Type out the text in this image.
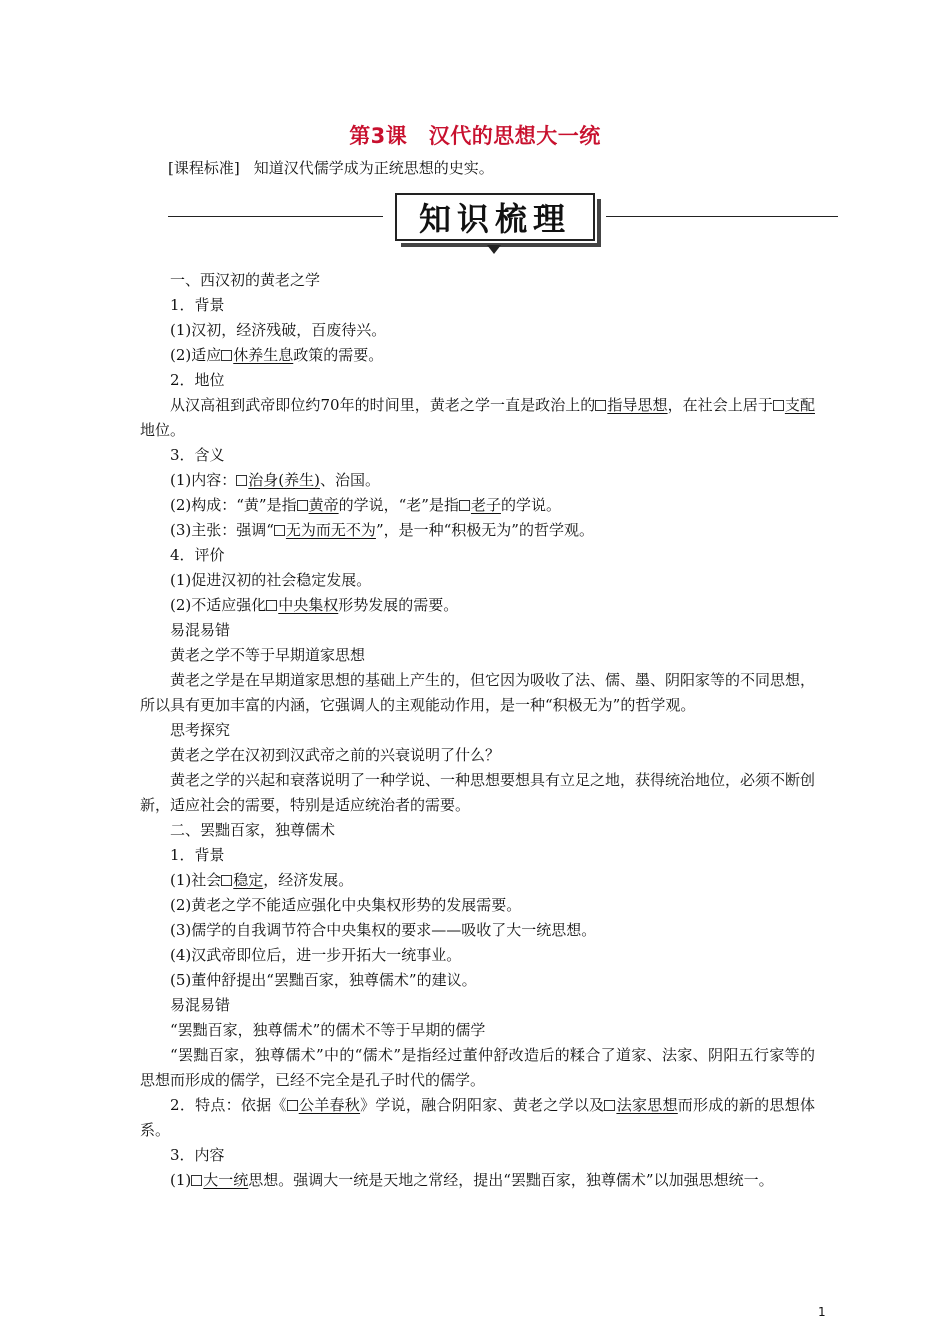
第3课　汉代的思想大一统
[课程标准] 知道汉代儒学成为正统思想的史实。
知识梳理
一、西汉初的黄老之学
1．背景
(1)汉初，经济残破，百废待兴。
(2)适应 休养生息政策的需要。
2．地位
从汉高祖到武帝即位约70年的时间里，黄老之学一直是政治上的 指导思想，在社会上居于 支配地位。
3．含义
(1)内容： 治身(养生)、治国。
(2)构成：“黄”是指 黄帝的学说，“老”是指 老子的学说。
(3)主张：强调“ 无为而无不为”，是一种“积极无为”的哲学观。
4．评价
(1)促进汉初的社会稳定发展。
(2)不适应强化 中央集权形势发展的需要。
易混易错
黄老之学不等于早期道家思想
黄老之学是在早期道家思想的基础上产生的，但它因为吸收了法、儒、墨、阴阳家等的不同思想，所以具有更加丰富的内涵，它强调人的主观能动作用，是一种“积极无为”的哲学观。
思考探究
黄老之学在汉初到汉武帝之前的兴衰说明了什么？
黄老之学的兴起和衰落说明了一种学说、一种思想要想具有立足之地，获得统治地位，必须不断创新，适应社会的需要，特别是适应统治者的需要。
二、罢黜百家，独尊儒术
1．背景
(1)社会 稳定，经济发展。
(2)黄老之学不能适应强化中央集权形势的发展需要。
(3)儒学的自我调节符合中央集权的要求——吸收了大一统思想。
(4)汉武帝即位后，进一步开拓大一统事业。
(5)董仲舒提出“罢黜百家，独尊儒术”的建议。
易混易错
“罢黜百家，独尊儒术”的儒术不等于早期的儒学
“罢黜百家，独尊儒术”中的“儒术”是指经过董仲舒改造后的糅合了道家、法家、阴阳五行家等的思想而形成的儒学，已经不完全是孔子时代的儒学。
2．特点：依据《 公羊春秋》学说，融合阴阳家、黄老之学以及 法家思想而形成的新的思想体系。
3．内容
(1) 大一统思想。强调大一统是天地之常经，提出“罢黜百家，独尊儒术”以加强思想统一。
1
